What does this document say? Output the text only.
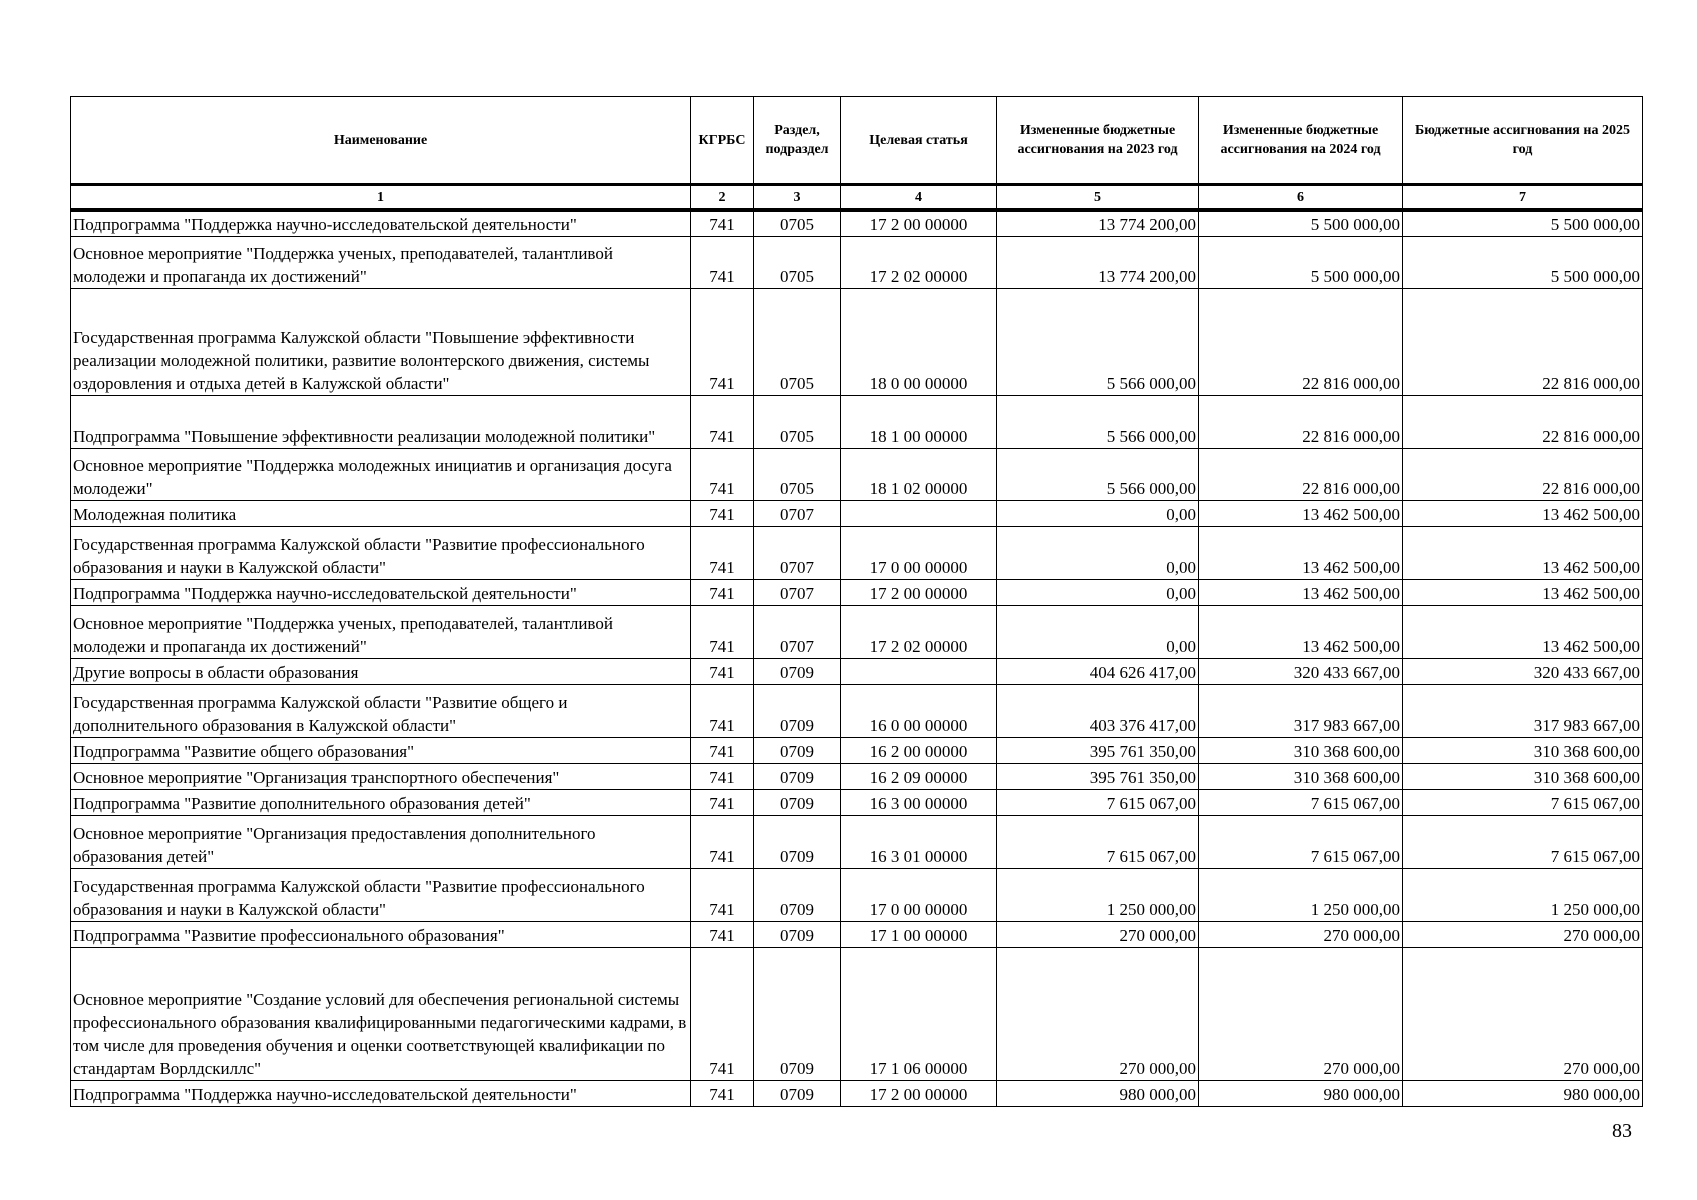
Наименование	КГРБС	Раздел, подраздел	Целевая статья	Измененные бюджетные ассигнования на 2023 год	Измененные бюджетные ассигнования на 2024 год	Бюджетные ассигнования на 2025 год
1	2	3	4	5	6	7
Подпрограмма "Поддержка научно-исследовательской деятельности"	741	0705	17 2 00 00000	13 774 200,00	5 500 000,00	5 500 000,00
Основное мероприятие "Поддержка ученых, преподавателей, талантливой молодежи и пропаганда их достижений"	741	0705	17 2 02 00000	13 774 200,00	5 500 000,00	5 500 000,00
Государственная программа Калужской области "Повышение эффективности реализации молодежной политики, развитие волонтерского движения, системы оздоровления и отдыха детей в Калужской области"	741	0705	18 0 00 00000	5 566 000,00	22 816 000,00	22 816 000,00
Подпрограмма "Повышение эффективности реализации молодежной политики"	741	0705	18 1 00 00000	5 566 000,00	22 816 000,00	22 816 000,00
Основное мероприятие "Поддержка молодежных инициатив и организация досуга молодежи"	741	0705	18 1 02 00000	5 566 000,00	22 816 000,00	22 816 000,00
Молодежная политика	741	0707		0,00	13 462 500,00	13 462 500,00
Государственная программа Калужской области "Развитие профессионального образования и науки в Калужской области"	741	0707	17 0 00 00000	0,00	13 462 500,00	13 462 500,00
Подпрограмма "Поддержка научно-исследовательской деятельности"	741	0707	17 2 00 00000	0,00	13 462 500,00	13 462 500,00
Основное мероприятие "Поддержка ученых, преподавателей, талантливой молодежи и пропаганда их достижений"	741	0707	17 2 02 00000	0,00	13 462 500,00	13 462 500,00
Другие вопросы в области образования	741	0709		404 626 417,00	320 433 667,00	320 433 667,00
Государственная программа Калужской области "Развитие общего и дополнительного образования в Калужской области"	741	0709	16 0 00 00000	403 376 417,00	317 983 667,00	317 983 667,00
Подпрограмма "Развитие общего образования"	741	0709	16 2 00 00000	395 761 350,00	310 368 600,00	310 368 600,00
Основное мероприятие "Организация транспортного обеспечения"	741	0709	16 2 09 00000	395 761 350,00	310 368 600,00	310 368 600,00
Подпрограмма "Развитие дополнительного образования детей"	741	0709	16 3 00 00000	7 615 067,00	7 615 067,00	7 615 067,00
Основное мероприятие "Организация предоставления дополнительного образования детей"	741	0709	16 3 01 00000	7 615 067,00	7 615 067,00	7 615 067,00
Государственная программа Калужской области "Развитие профессионального образования и науки в Калужской области"	741	0709	17 0 00 00000	1 250 000,00	1 250 000,00	1 250 000,00
Подпрограмма "Развитие профессионального образования"	741	0709	17 1 00 00000	270 000,00	270 000,00	270 000,00
Основное мероприятие "Создание условий для обеспечения региональной системы профессионального образования квалифицированными педагогическими кадрами, в том числе для проведения обучения и оценки соответствующей квалификации по стандартам Ворлдскиллс"	741	0709	17 1 06 00000	270 000,00	270 000,00	270 000,00
Подпрограмма "Поддержка научно-исследовательской деятельности"	741	0709	17 2 00 00000	980 000,00	980 000,00	980 000,00
83
